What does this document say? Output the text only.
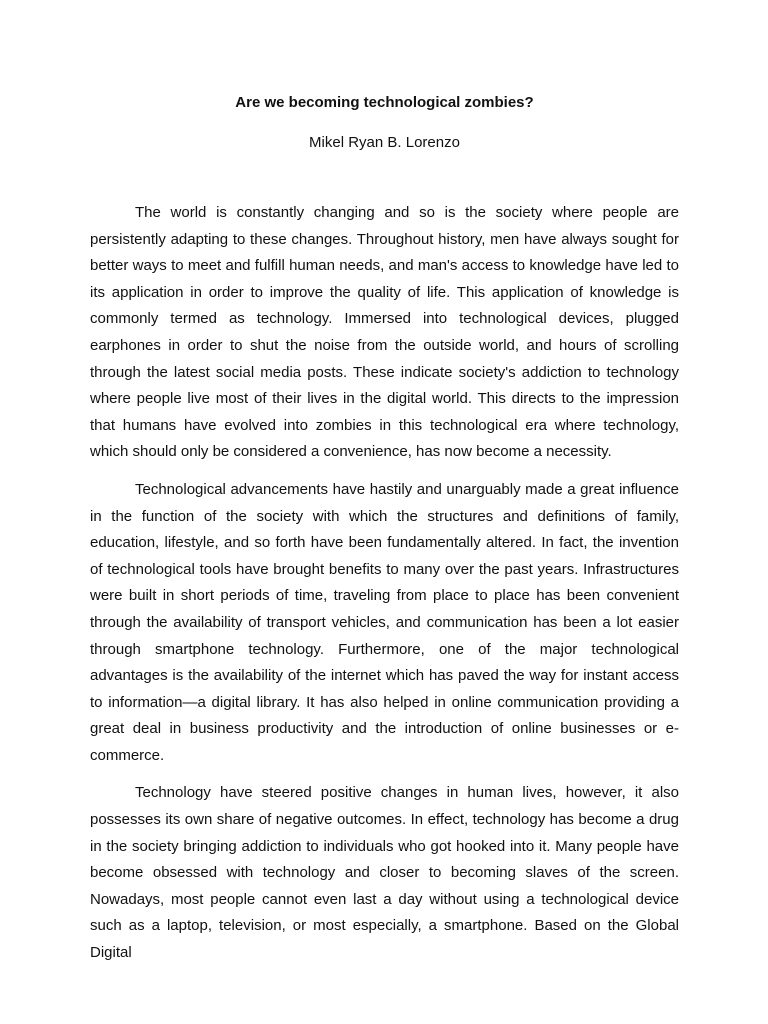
Are we becoming technological zombies?

Mikel Ryan B. Lorenzo

The world is constantly changing and so is the society where people are persistently adapting to these changes. Throughout history, men have always sought for better ways to meet and fulfill human needs, and man's access to knowledge have led to its application in order to improve the quality of life. This application of knowledge is commonly termed as technology. Immersed into technological devices, plugged earphones in order to shut the noise from the outside world, and hours of scrolling through the latest social media posts. These indicate society's addiction to technology where people live most of their lives in the digital world. This directs to the impression that humans have evolved into zombies in this technological era where technology, which should only be considered a convenience, has now become a necessity.

Technological advancements have hastily and unarguably made a great influence in the function of the society with which the structures and definitions of family, education, lifestyle, and so forth have been fundamentally altered. In fact, the invention of technological tools have brought benefits to many over the past years. Infrastructures were built in short periods of time, traveling from place to place has been convenient through the availability of transport vehicles, and communication has been a lot easier through smartphone technology. Furthermore, one of the major technological advantages is the availability of the internet which has paved the way for instant access to information—a digital library. It has also helped in online communication providing a great deal in business productivity and the introduction of online businesses or e-commerce.

Technology have steered positive changes in human lives, however, it also possesses its own share of negative outcomes. In effect, technology has become a drug in the society bringing addiction to individuals who got hooked into it. Many people have become obsessed with technology and closer to becoming slaves of the screen. Nowadays, most people cannot even last a day without using a technological device such as a laptop, television, or most especially, a smartphone. Based on the Global Digital
